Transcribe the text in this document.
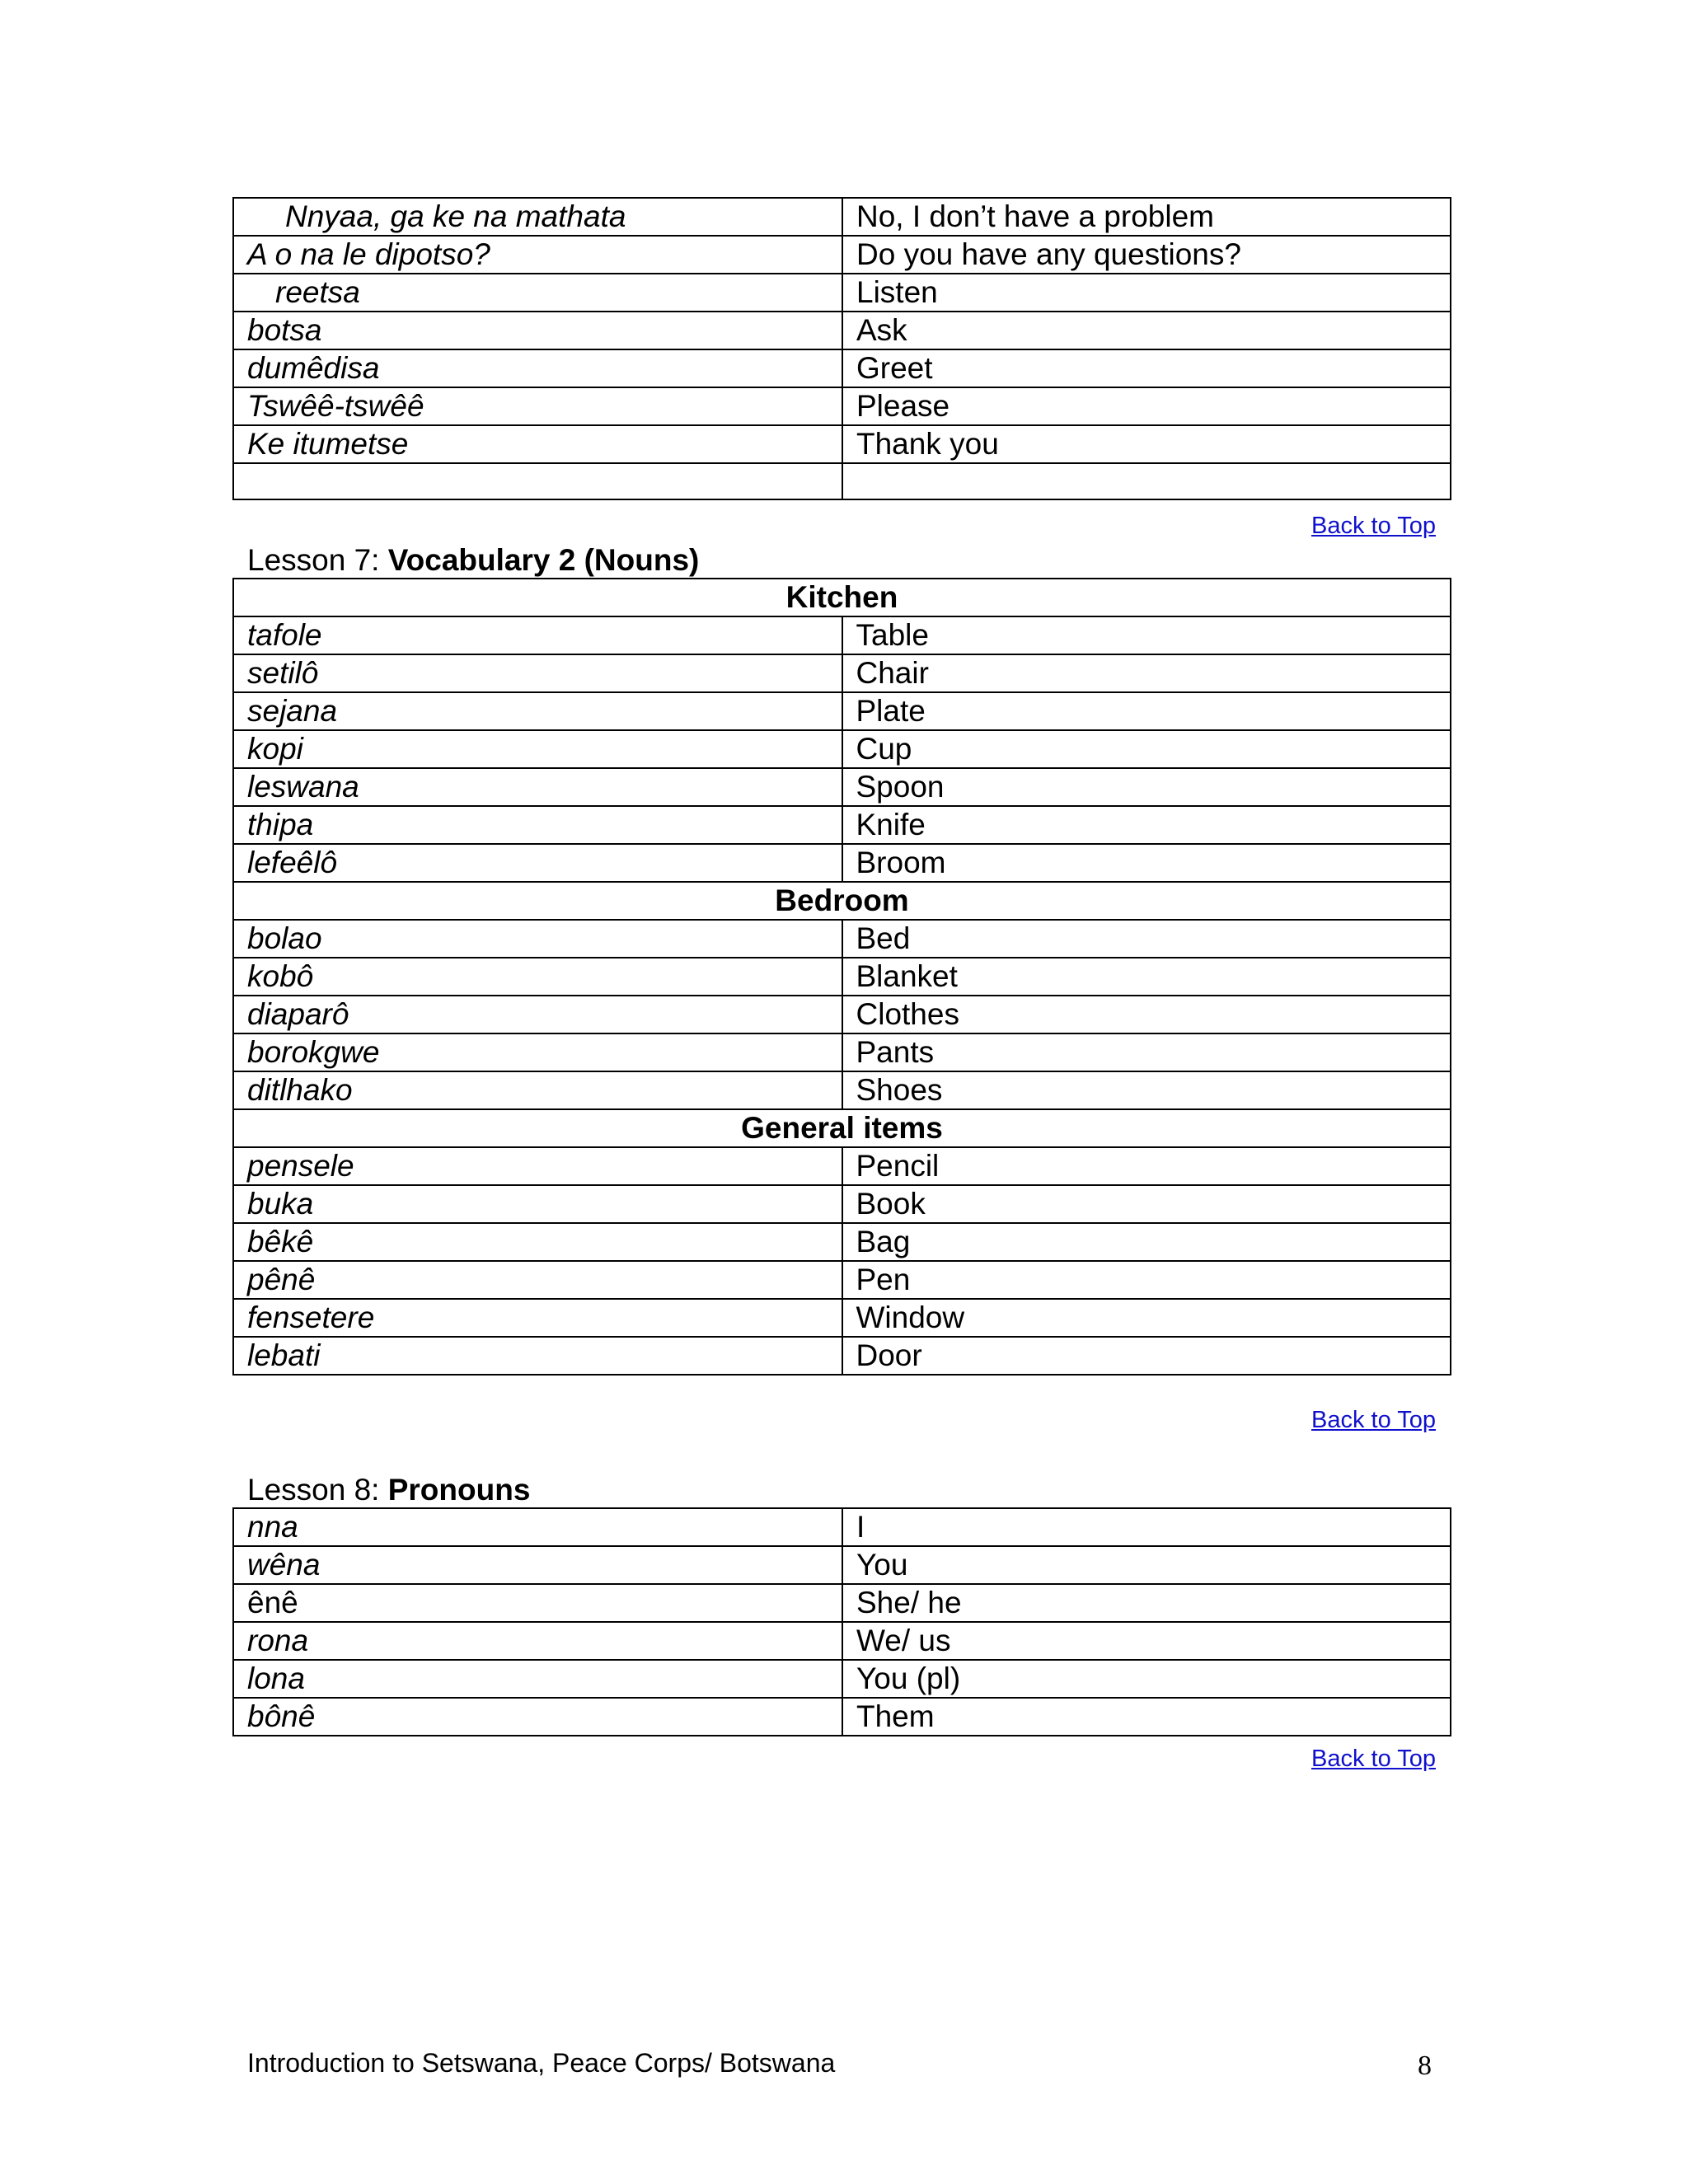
Nnyaa, ga ke na mathata	No, I don’t have a problem
A o na le dipotso?	Do you have any questions?
reetsa	Listen
botsa	Ask
dumêdisa	Greet
Tswêê-tswêê	Please
Ke itumetse	Thank you

Back to Top
Lesson 7: Vocabulary 2 (Nouns)
Kitchen	
tafole	Table
setilô	Chair
sejana	Plate
kopi	Cup
leswana	Spoon
thipa	Knife
lefeêlô	Broom
Bedroom	
bolao	Bed
kobô	Blanket
diaparô	Clothes
borokgwe	Pants
ditlhako	Shoes
General items	
pensele	Pencil
buka	Book
bêkê	Bag
pênê	Pen
fensetere	Window
lebati	Door
Back to Top
Lesson 8: Pronouns
nna	I
wêna	You
ênê	She/ he
rona	We/ us
lona	You (pl)
bônê	Them
Back to Top
Introduction to Setswana, Peace Corps/ Botswana	8
